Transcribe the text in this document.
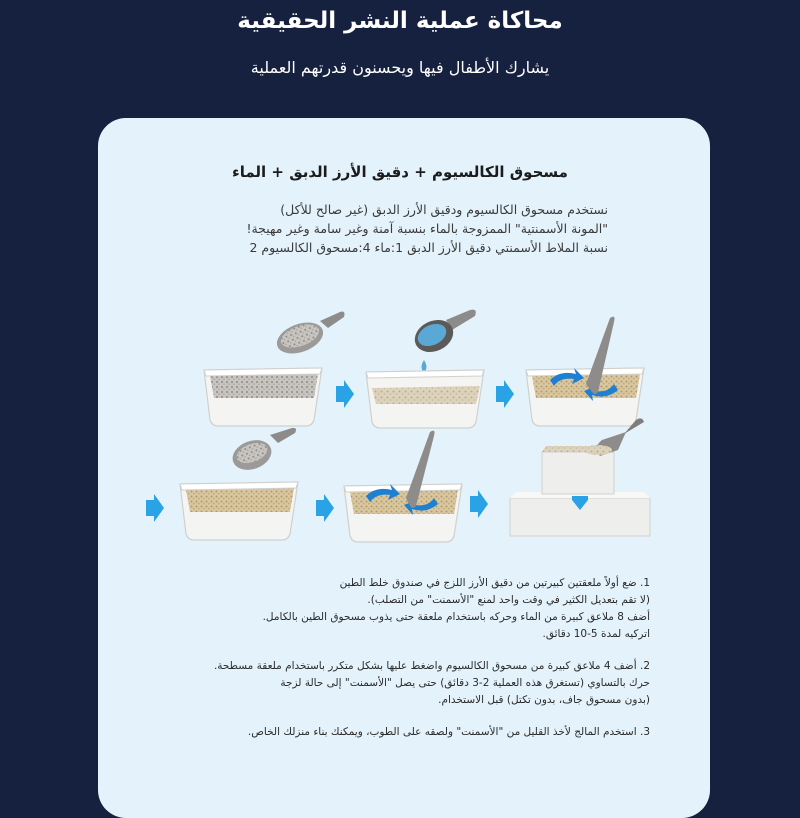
محاكاة عملية النشر الحقيقية
يشارك الأطفال فيها ويحسنون قدرتهم العملية
مسحوق الكالسيوم + دقيق الأرز الدبق + الماء
نستخدم مسحوق الكالسيوم ودقيق الأرز الدبق (غير صالح للأكل)
"المونة الأسمنتية" الممزوجة بالماء بنسبة آمنة وغير سامة وغير مهيجة!
نسبة الملاط الأسمنتي دقيق الأرز الدبق 1:ماء 4:مسحوق الكالسيوم 2
1. ضع أولاً ملعقتين كبيرتين من دقيق الأرز اللزج في صندوق خلط الطين
(لا تقم بتعديل الكثير في وقت واحد لمنع "الأسمنت" من التصلب).
أضف 8 ملاعق كبيرة من الماء وحركه باستخدام ملعقة حتى يذوب مسحوق الطين بالكامل.
اتركيه لمدة 5-10 دقائق.
2. أضف 4 ملاعق كبيرة من مسحوق الكالسيوم واضغط عليها بشكل متكرر باستخدام ملعقة مسطحة.
حرك بالتساوي (تستغرق هذه العملية 2-3 دقائق) حتى يصل "الأسمنت" إلى حالة لزجة
(بدون مسحوق جاف، بدون تكتل) قبل الاستخدام.
3. استخدم المالج لأخذ القليل من "الأسمنت" ولصقه على الطوب، ويمكنك بناء منزلك الخاص.
